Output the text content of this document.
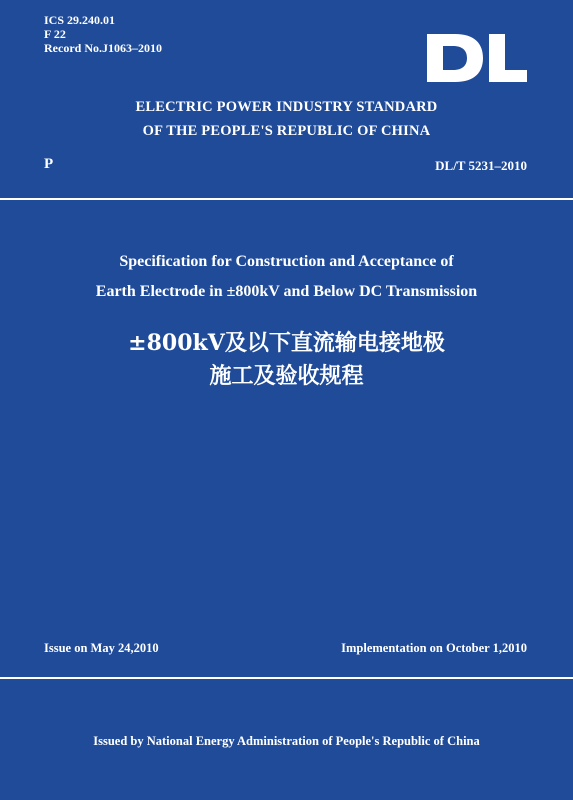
ICS 29.240.01
F 22
Record No.J1063–2010
ELECTRIC POWER INDUSTRY STANDARD
OF THE PEOPLE'S REPUBLIC OF CHINA
P	DL/T 5231–2010
Specification for Construction and Acceptance of
Earth Electrode in ±800kV and Below DC Transmission
±800kV及以下直流输电接地极
施工及验收规程
Issue on May 24,2010	Implementation on October 1,2010
Issued by National Energy Administration of People's Republic of China
